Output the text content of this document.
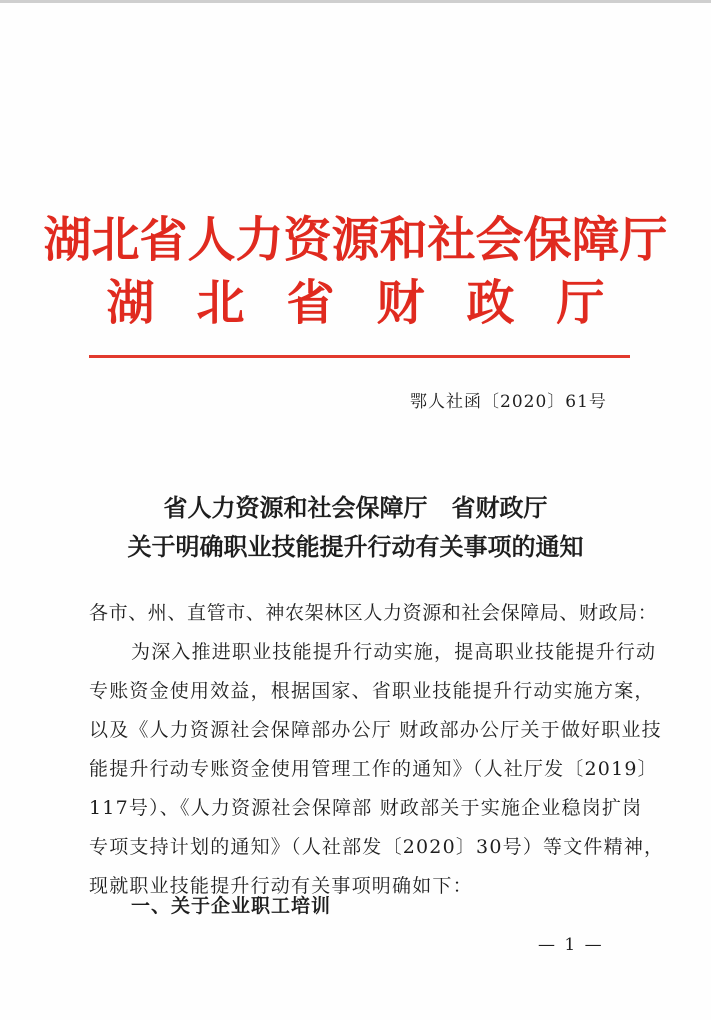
湖北省人力资源和社会保障厅
湖北省财政厅
鄂人社函〔2020〕61号
省人力资源和社会保障厅　省财政厅
关于明确职业技能提升行动有关事项的通知
各市、州、直管市、神农架林区人力资源和社会保障局、财政局：
为深入推进职业技能提升行动实施，提高职业技能提升行动
专账资金使用效益，根据国家、省职业技能提升行动实施方案，
以及《人力资源社会保障部办公厅 财政部办公厅关于做好职业技
能提升行动专账资金使用管理工作的通知》（人社厅发〔2019〕
117号）、《人力资源社会保障部 财政部关于实施企业稳岗扩岗
专项支持计划的通知》（人社部发〔2020〕30号）等文件精神，
现就职业技能提升行动有关事项明确如下：
一、关于企业职工培训
— 1 —
